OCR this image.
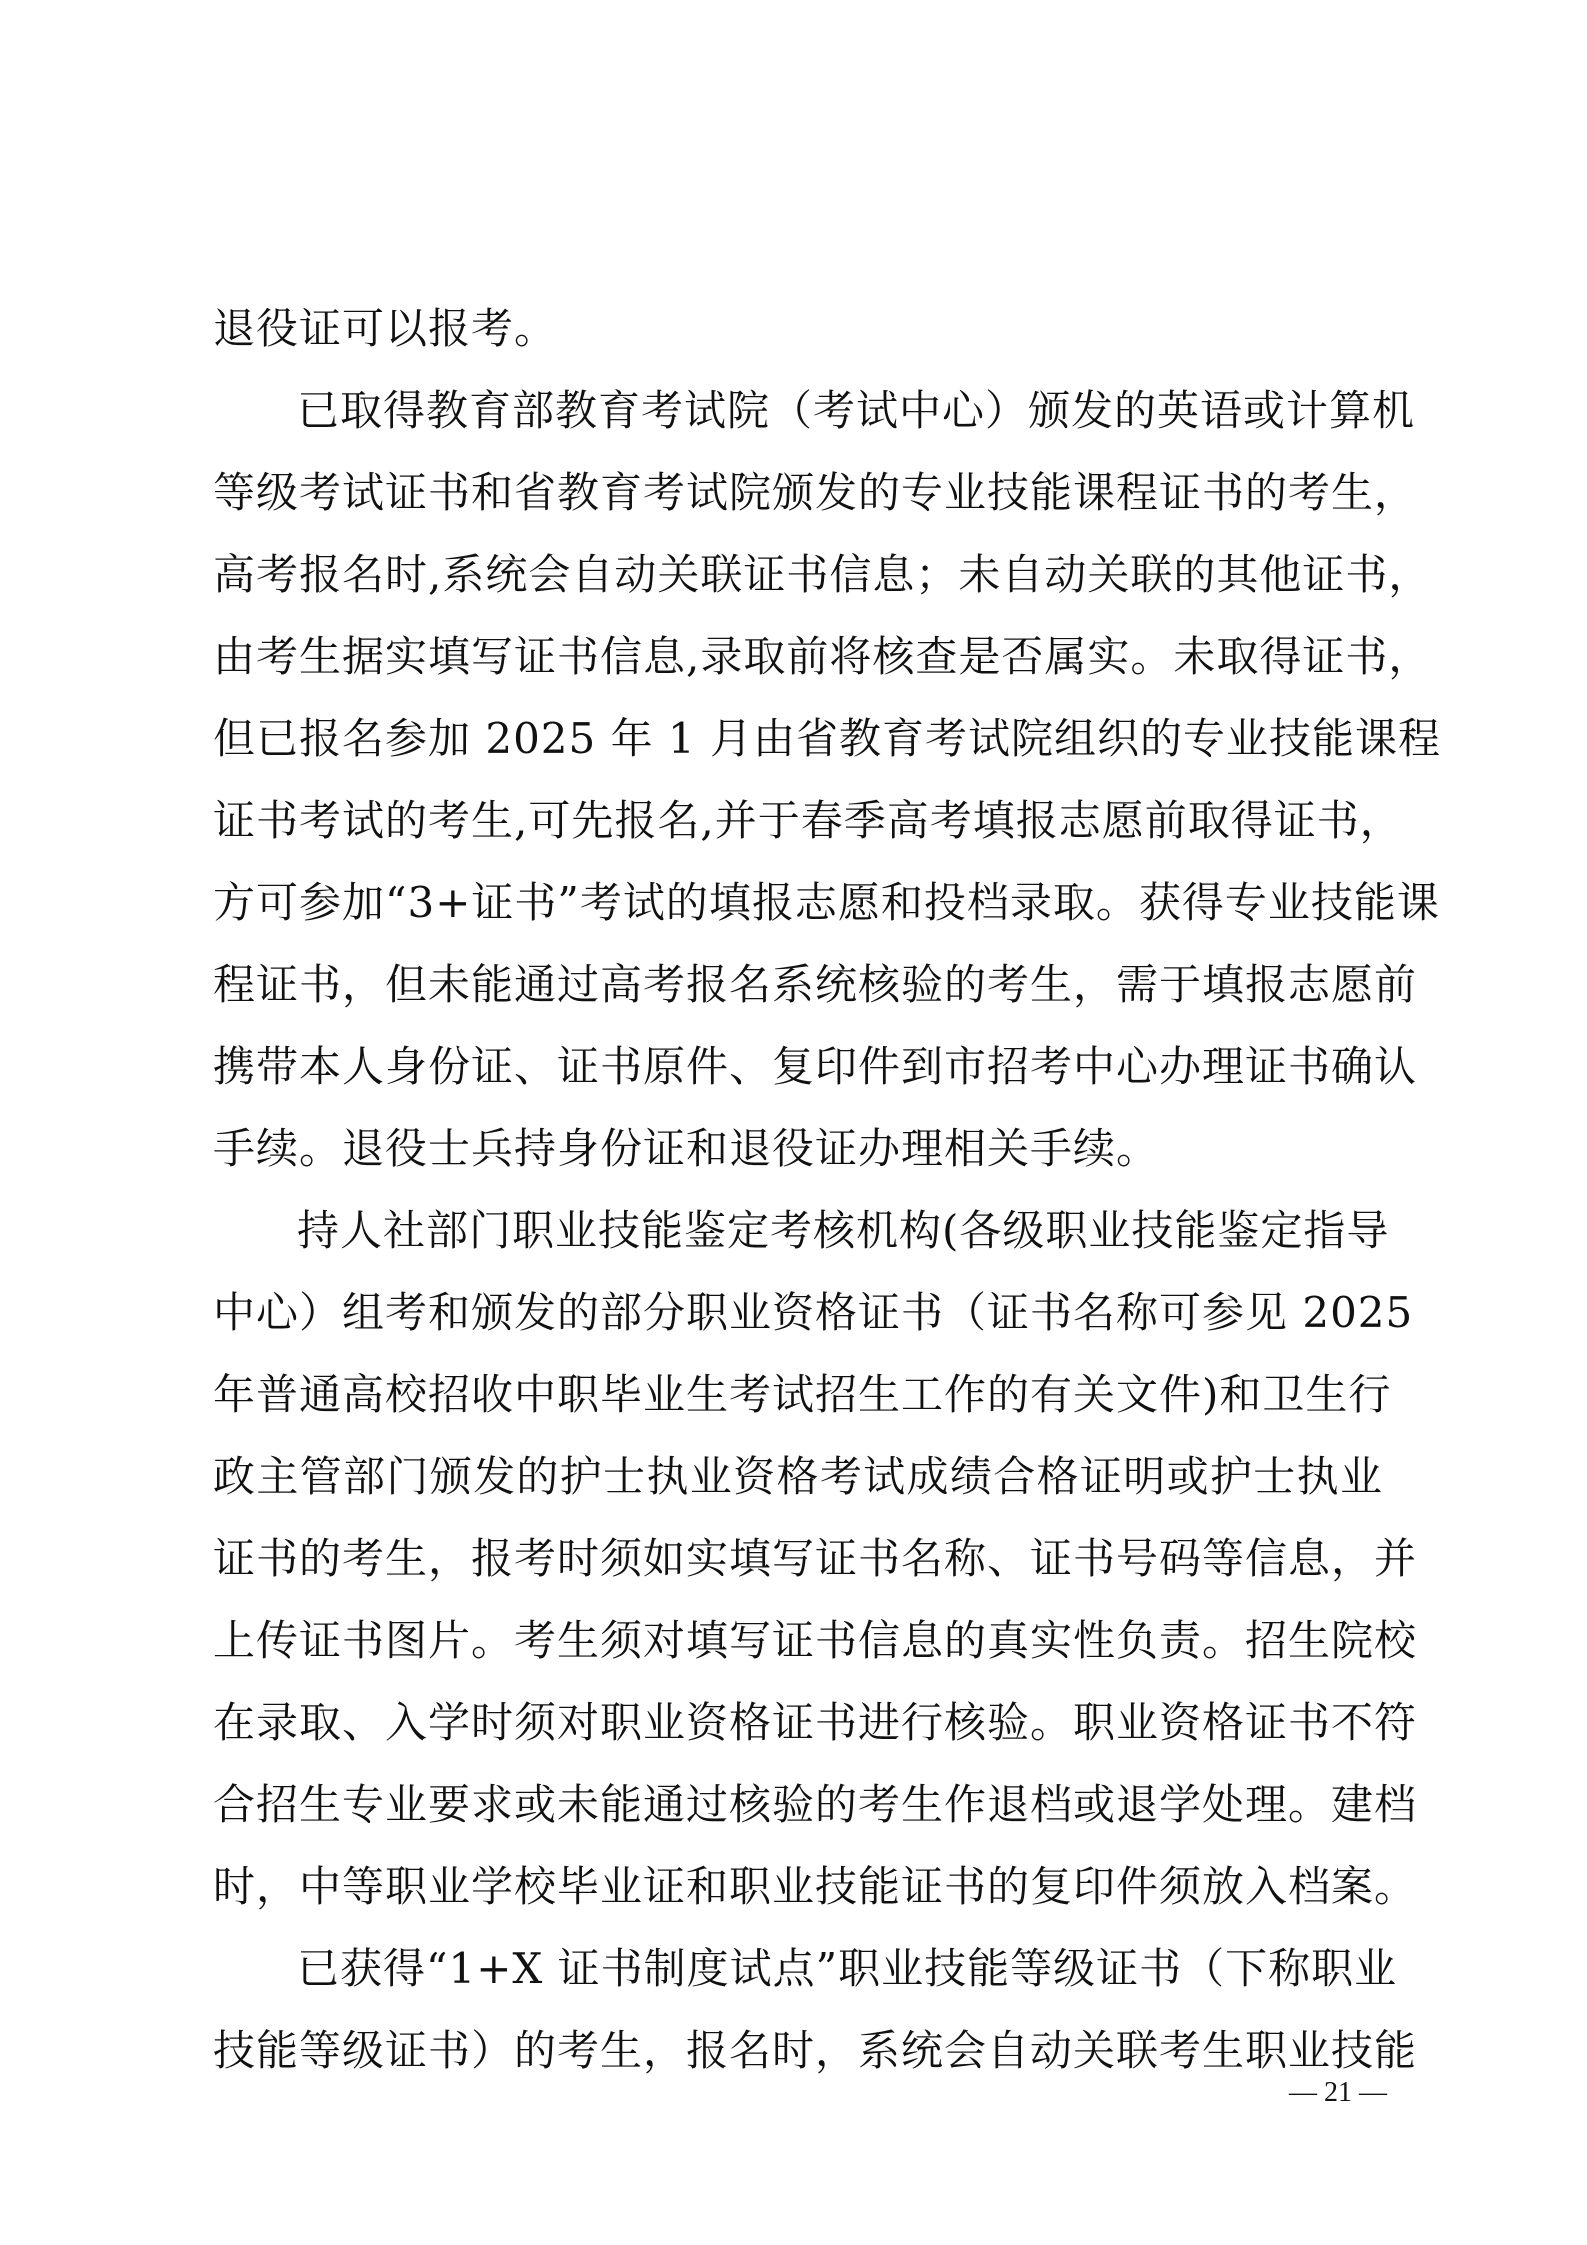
退役证可以报考。
已取得教育部教育考试院（考试中心）颁发的英语或计算机
等级考试证书和省教育考试院颁发的专业技能课程证书的考生，
高考报名时,系统会自动关联证书信息；未自动关联的其他证书，
由考生据实填写证书信息,录取前将核查是否属实。未取得证书，
但已报名参加 2025 年 1 月由省教育考试院组织的专业技能课程
证书考试的考生,可先报名,并于春季高考填报志愿前取得证书，
方可参加“3+证书”考试的填报志愿和投档录取。获得专业技能课
程证书，但未能通过高考报名系统核验的考生，需于填报志愿前
携带本人身份证、证书原件、复印件到市招考中心办理证书确认
手续。退役士兵持身份证和退役证办理相关手续。
持人社部门职业技能鉴定考核机构(各级职业技能鉴定指导
中心）组考和颁发的部分职业资格证书（证书名称可参见 2025
年普通高校招收中职毕业生考试招生工作的有关文件)和卫生行
政主管部门颁发的护士执业资格考试成绩合格证明或护士执业
证书的考生，报考时须如实填写证书名称、证书号码等信息，并
上传证书图片。考生须对填写证书信息的真实性负责。招生院校
在录取、入学时须对职业资格证书进行核验。职业资格证书不符
合招生专业要求或未能通过核验的考生作退档或退学处理。建档
时，中等职业学校毕业证和职业技能证书的复印件须放入档案。
已获得“1+X 证书制度试点”职业技能等级证书（下称职业
技能等级证书）的考生，报名时，系统会自动关联考生职业技能
— 21 —
